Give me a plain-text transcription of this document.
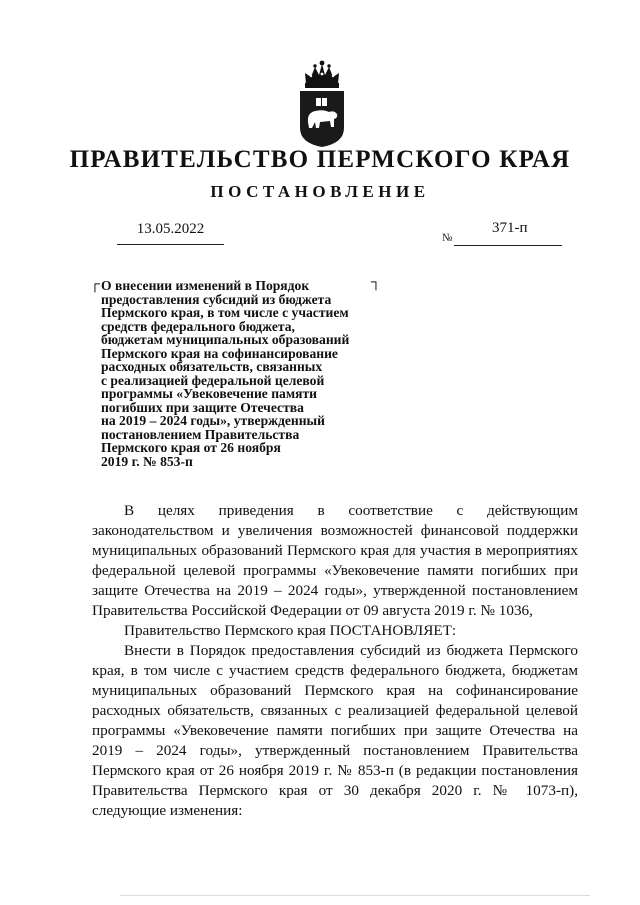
ПРАВИТЕЛЬСТВО ПЕРМСКОГО КРАЯ
ПОСТАНОВЛЕНИЕ
13.05.2022
№
371-п
┌	┐
О внесении изменений в Порядок
предоставления субсидий из бюджета
Пермского края, в том числе с участием
средств федерального бюджета,
бюджетам муниципальных образований
Пермского края на софинансирование
расходных обязательств, связанных
с реализацией федеральной целевой
программы «Увековечение памяти
погибших при защите Отечества
на 2019 – 2024 годы», утвержденный
постановлением Правительства
Пермского края от 26 ноября
2019 г. № 853-п

В целях приведения в соответствие с действующим законодательством и увеличения возможностей финансовой поддержки муниципальных образований Пермского края для участия в мероприятиях федеральной целевой программы «Увековечение памяти погибших при защите Отечества на 2019 – 2024 годы», утвержденной постановлением Правительства Российской Федерации от 09 августа 2019 г. № 1036,

Правительство Пермского края ПОСТАНОВЛЯЕТ:

Внести в Порядок предоставления субсидий из бюджета Пермского края, в том числе с участием средств федерального бюджета, бюджетам муниципальных образований Пермского края на софинансирование расходных обязательств, связанных с реализацией федеральной целевой программы «Увековечение памяти погибших при защите Отечества на 2019 – 2024 годы», утвержденный постановлением Правительства Пермского края от 26 ноября 2019 г. № 853-п (в редакции постановления Правительства Пермского края от 30 декабря 2020 г. № 1073-п), следующие изменения:
